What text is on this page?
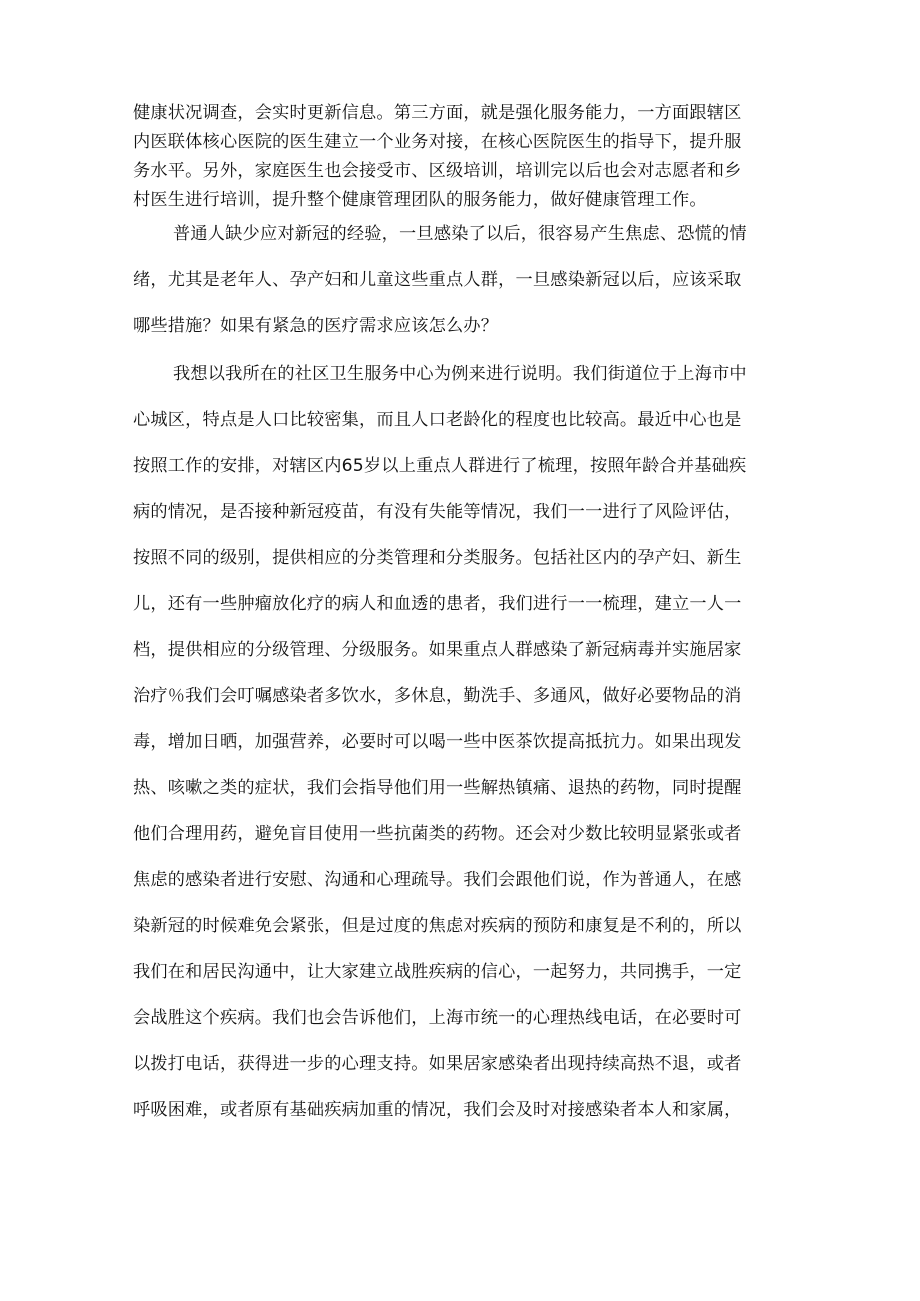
健康状况调查，会实时更新信息。第三方面，就是强化服务能力，一方面跟辖区
内医联体核心医院的医生建立一个业务对接，在核心医院医生的指导下，提升服
务水平。另外，家庭医生也会接受市、区级培训，培训完以后也会对志愿者和乡
村医生进行培训，提升整个健康管理团队的服务能力，做好健康管理工作。
普通人缺少应对新冠的经验，一旦感染了以后，很容易产生焦虑、恐慌的情
绪，尤其是老年人、孕产妇和儿童这些重点人群，一旦感染新冠以后，应该采取
哪些措施？如果有紧急的医疗需求应该怎么办？
我想以我所在的社区卫生服务中心为例来进行说明。我们街道位于上海市中
心城区，特点是人口比较密集，而且人口老龄化的程度也比较高。最近中心也是
按照工作的安排，对辖区内65岁以上重点人群进行了梳理，按照年龄合并基础疾
病的情况，是否接种新冠疫苗，有没有失能等情况，我们一一进行了风险评估，
按照不同的级别，提供相应的分类管理和分类服务。包括社区内的孕产妇、新生
儿，还有一些肿瘤放化疗的病人和血透的患者，我们进行一一梳理，建立一人一
档，提供相应的分级管理、分级服务。如果重点人群感染了新冠病毒并实施居家
治疗％我们会叮嘱感染者多饮水，多休息，勤洗手、多通风，做好必要物品的消
毒，增加日晒，加强营养，必要时可以喝一些中医茶饮提高抵抗力。如果出现发
热、咳嗽之类的症状，我们会指导他们用一些解热镇痛、退热的药物，同时提醒
他们合理用药，避免盲目使用一些抗菌类的药物。还会对少数比较明显紧张或者
焦虑的感染者进行安慰、沟通和心理疏导。我们会跟他们说，作为普通人，在感
染新冠的时候难免会紧张，但是过度的焦虑对疾病的预防和康复是不利的，所以
我们在和居民沟通中，让大家建立战胜疾病的信心，一起努力，共同携手，一定
会战胜这个疾病。我们也会告诉他们，上海市统一的心理热线电话，在必要时可
以拨打电话，获得进一步的心理支持。如果居家感染者出现持续高热不退，或者
呼吸困难，或者原有基础疾病加重的情况，我们会及时对接感染者本人和家属，
